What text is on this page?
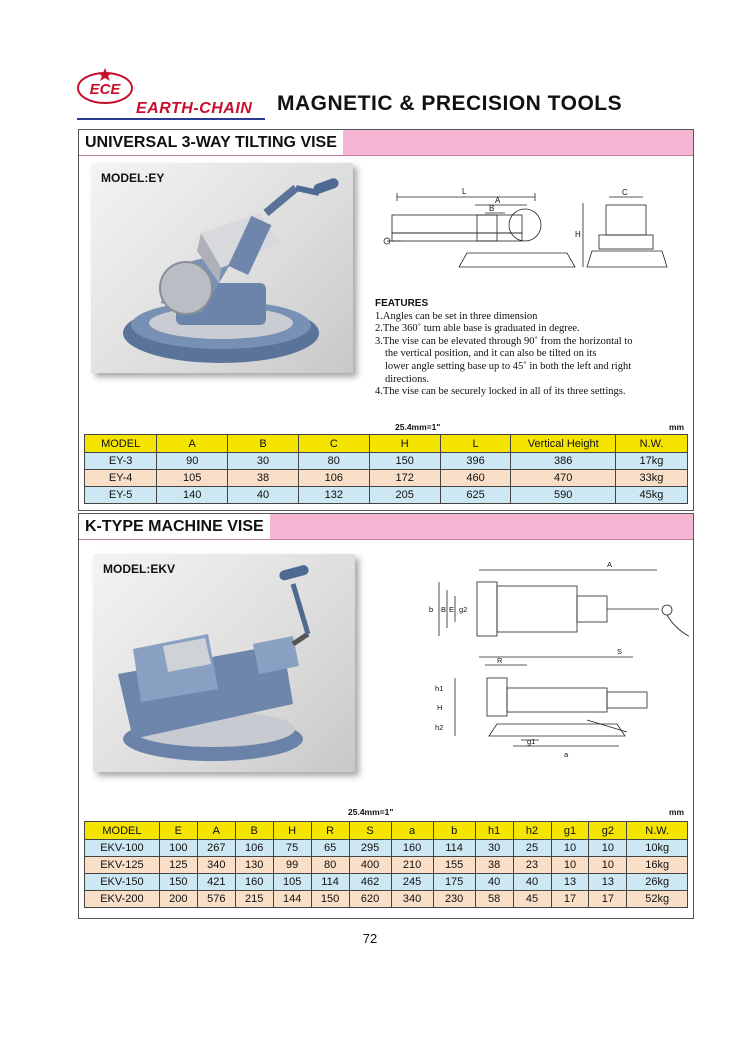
ECE
EARTH-CHAIN MAGNETIC & PRECISION TOOLS
UNIVERSAL 3-WAY TILTING VISE
MODEL:EY
L
A
B
C
H
FEATURES
1.Angles can be set in three dimension
2.The 360˚ turn able base is graduated in degree.
3.The vise can be elevated through 90˚ from the horizontal to
the vertical position, and it can also be tilted on its
lower angle setting base up to 45˚ in both the left and right
directions.
4.The vise can be securely locked in all of its three settings.
25.4mm=1"	mm
MODEL	A	B	C	H	L	Vertical Height	N.W.
EY-3	90	30	80	150	396	386	17kg
EY-4	105	38	106	172	460	470	33kg
EY-5	140	40	132	205	625	590	45kg
K-TYPE MACHINE VISE
MODEL:EKV	A
b B E g2
S
R
h1
H
h2
g1
a
25.4mm=1"	mm
MODEL	E	A	B	H	R	S	a	b	h1	h2	g1	g2	N.W.
EKV-100	100	267	106	75	65	295	160	114	30	25	10	10	10kg
EKV-125	125	340	130	99	80	400	210	155	38	23	10	10	16kg
EKV-150	150	421	160	105	114	462	245	175	40	40	13	13	26kg
EKV-200	200	576	215	144	150	620	340	230	58	45	17	17	52kg
72
